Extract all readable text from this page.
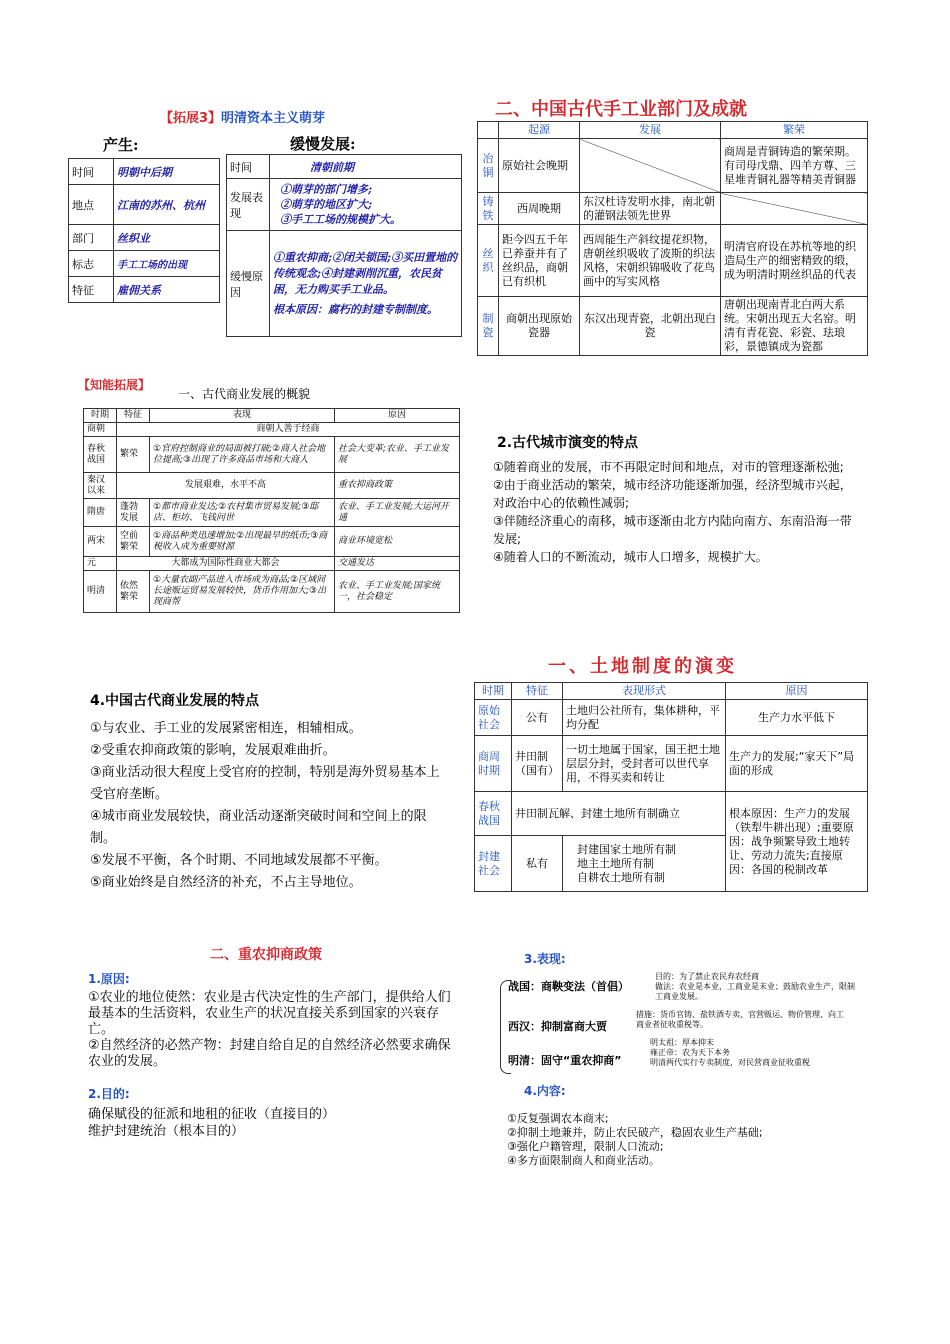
【拓展3】明清资本主义萌芽
产生:	缓慢发展:
时间	明朝中后期
地点	江南的苏州、杭州
部门	丝织业
标志	手工工场的出现
特征	雇佣关系
时间	清朝前期
发展表现	①萌芽的部门增多;
②萌芽的地区扩大;
③手工工场的规模扩大。

缓慢原因	①重农抑商;②闭关锁国;③买田置地的传统观念;④封建剥削沉重，农民贫困，无力购买手工业品。
根本原因：腐朽的封建专制制度。
二、中国古代手工业部门及成就
	起源	发展	繁荣
冶铜	原始社会晚期		商周是青铜铸造的繁荣期。有司母戊鼎、四羊方尊、三星堆青铜礼器等精美青铜器
铸铁	西周晚期	东汉杜诗发明水排，南北朝的灌钢法领先世界	
丝织	距今四五千年已养蚕并有了丝织品，商朝已有织机	西周能生产斜纹提花织物，唐朝丝织吸收了波斯的织法风格，宋朝织锦吸收了花鸟画中的写实风格	明清官府设在苏杭等地的织造局生产的细密精致的缎，成为明清时期丝织品的代表
制瓷	商朝出现原始瓷器	东汉出现青瓷，北朝出现白瓷	唐朝出现南青北白两大系统。宋朝出现五大名窑。明清有青花瓷、彩瓷、珐琅彩，景德镇成为瓷都
【知能拓展】
一、古代商业发展的概貌
时期	特征	表现	原因
商朝	商朝人善于经商		
春秋战国	繁荣	①官府控制商业的局面被打破;②商人社会地位提高;③出现了许多商品市场和大商人	社会大变革;农业、手工业发展
秦汉以来	发展艰难，水平不高		重农抑商政策
隋唐	蓬勃发展	①都市商业发达;②农村集市贸易发展;③邸店、柜坊、飞钱问世	农业、手工业发展;大运河开通
两宋	空前繁荣	①商品种类迅速增加;②出现最早的纸币;③商税收入成为重要财源	商业环境宽松
元	大都成为国际性商业大都会		交通发达
明清	依然繁荣	①大量农副产品进入市场成为商品;②区域间长途贩运贸易发展较快，货币作用加大;③出现商帮	农业、手工业发展;国家统一，社会稳定
2.古代城市演变的特点
①随着商业的发展，市不再限定时间和地点，对市的管理逐渐松弛;
②由于商业活动的繁荣，城市经济功能逐渐加强，经济型城市兴起，对政治中心的依赖性减弱;
③伴随经济重心的南移，城市逐渐由北方内陆向南方、东南沿海一带发展;
④随着人口的不断流动，城市人口增多，规模扩大。
4.中国古代商业发展的特点
①与农业、手工业的发展紧密相连，相辅相成。
②受重农抑商政策的影响，发展艰难曲折。
③商业活动很大程度上受官府的控制，特别是海外贸易基本上受官府垄断。
④城市商业发展较快，商业活动逐渐突破时间和空间上的限制。
⑤发展不平衡，各个时期、不同地域发展都不平衡。
⑤商业始终是自然经济的补充，不占主导地位。
一、土地制度的演变
时期	特征	表现形式	原因
原始社会	公有	土地归公社所有，集体耕种，平均分配	生产力水平低下
商周时期	井田制（国有）	一切土地属于国家，国王把土地层层分封，受封者可以世代享用，不得买卖和转让	生产力的发展;“家天下”局面的形成
春秋战国	井田制瓦解、封建土地所有制确立		根本原因：生产力的发展（铁犁牛耕出现）;重要原因：战争频繁导致土地转让、劳动力流失;直接原因：各国的税制改革
封建社会	私有	封建国家土地所有制
地主土地所有制
自耕农土地所有制	
二、重农抑商政策
1.原因:
①农业的地位使然：农业是古代决定性的生产部门，提供给人们最基本的生活资料，农业生产的状况直接关系到国家的兴衰存亡。
②自然经济的必然产物：封建自给自足的自然经济必然要求确保农业的发展。
2.目的:
确保赋役的征派和地租的征收（直接目的）
维护封建统治（根本目的）
3.表现:
战国：商鞅变法（首倡）
目的：为了禁止农民弃农经商
做法：农业是本业，工商业是末业；鼓励农业生产，限制工商业发展。
西汉：抑制富商大贾
措施：货币官铸、盐铁酒专卖、官营贩运、物价管理、向工商业者征收重税等。
明清：固守“重农抑商”
明太祖：厚本抑末
雍正帝：农为天下本务
明清两代实行专卖制度，对民营商业征收重税
4.内容:
①反复强调农本商末;
②抑制土地兼并，防止农民破产，稳固农业生产基础;
③强化户籍管理，限制人口流动;
④多方面限制商人和商业活动。
